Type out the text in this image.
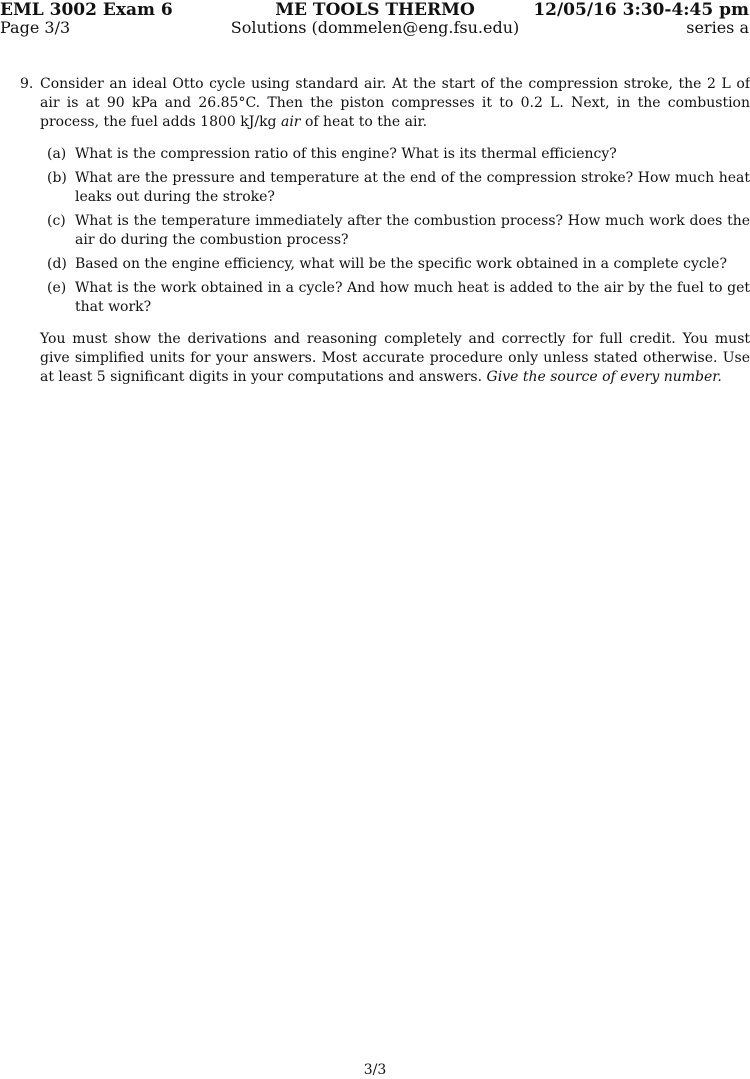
EML 3002 Exam 6	ME TOOLS THERMO	12/05/16 3:30-4:45 pm
Page 3/3	Solutions (dommelen@eng.fsu.edu)	series a
9. Consider an ideal Otto cycle using standard air. At the start of the compression stroke, the 2 L of air is at 90 kPa and 26.85°C. Then the piston compresses it to 0.2 L. Next, in the combustion process, the fuel adds 1800 kJ/kg air of heat to the air.

(a) What is the compression ratio of this engine? What is its thermal efficiency?
(b) What are the pressure and temperature at the end of the compression stroke? How much heat leaks out during the stroke?
(c) What is the temperature immediately after the combustion process? How much work does the air do during the combustion process?
(d) Based on the engine efficiency, what will be the specific work obtained in a complete cycle?
(e) What is the work obtained in a cycle? And how much heat is added to the air by the fuel to get that work?

You must show the derivations and reasoning completely and correctly for full credit. You must give simplified units for your answers. Most accurate procedure only unless stated otherwise. Use at least 5 significant digits in your computations and answers. Give the source of every number.

3/3
